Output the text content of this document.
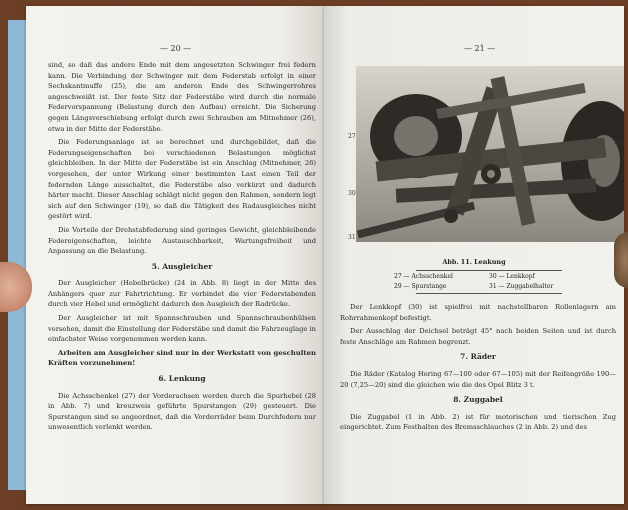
— 20 —

sind, so daß das andere Ende mit dem angesetzten Schwinger frei federn kann. Die Verbindung der Schwinger mit dem Federstab erfolgt in einer Sechskantmuffe (25), die am anderen Ende des Schwingerrohres angeschweißt ist. Der feste Sitz der Federstäbe wird durch die normale Federvorspannung (Belastung durch den Aufbau) erreicht. Die Sicherung gegen Längsverschiebung erfolgt durch zwei Schrauben am Mitnehmer (26), etwa in der Mitte der Federstäbe.

Die Federungsanlage ist so berechnet und durchgebildet, daß die Federungseigenschaften bei verschiedenen Belastungen möglichst gleichbleiben. In der Mitte der Federstäbe ist ein Anschlag (Mitnehmer, 26) vorgesehen, der unter Wirkung einer bestimmten Last einen Teil der federnden Länge ausschaltet, die Federstäbe also verkürzt und dadurch härter macht. Dieser Anschlag schlägt nicht gegen den Rahmen, sondern legt sich auf den Schwinger (19), so daß die Tätigkeit des Radausgleiches nicht gestört wird.

Die Vorteile der Drehstabfederung sind geringes Gewicht, gleichbleibende Federeigenschaften, leichte Austauschbarkeit, Wartungsfreiheit und Anpassung an die Belastung.

5. Ausgleicher

Der Ausgleicher (Hebelbrücke) (24 in Abb. 8) liegt in der Mitte des Anhängers quer zur Fahrtrichtung. Er verbindet die vier Federstabenden durch vier Hebel und ermöglicht dadurch den Ausgleich der Radrücke.

Der Ausgleicher ist mit Spannschrauben und Spannschraubenhülsen versehen, damit die Einstellung der Federstäbe und damit die Fahrzeuglage in einfachster Weise vorgenommen werden kann.

Arbeiten am Ausgleicher sind nur in der Werkstatt von geschulten Kräften vorzunehmen!

6. Lenkung

Die Achsschenkel (27) der Vorderachsen werden durch die Spurhebel (28 in Abb. 7) und kreuzweis geführte Spurstangen (29) gesteuert. Die Spurstangen sind so angeordnet, daß die Vorderräder beim Durchfedern nur unwesentlich verlenkt werden.

— 21 —
27
29
30
31
Abb. 11. Lenkung
27 — Achsschenkel	30 — Lenkkopf
29 — Spurstange	31 — Zuggabelhalter

Der Lenkkopf (30) ist spielfrei mit nachstellbaren Rollenlagern am Rohrrahmenkopf befestigt.

Der Ausschlag der Deichsel beträgt 45° nach beiden Seiten und ist durch feste Anschläge am Rahmen begrenzt.

7. Räder

Die Räder (Katalog Hering 67—100 oder 67—105) mit der Reifengröße 190—20 (7,25—20) sind die gleichen wie die des Opel Blitz 3 t.

8. Zuggabel

Die Zuggabel (1 in Abb. 2) ist für motorischen und tierischen Zug eingerichtet. Zum Festhalten des Bremsschlauches (2 in Abb. 2) und des
